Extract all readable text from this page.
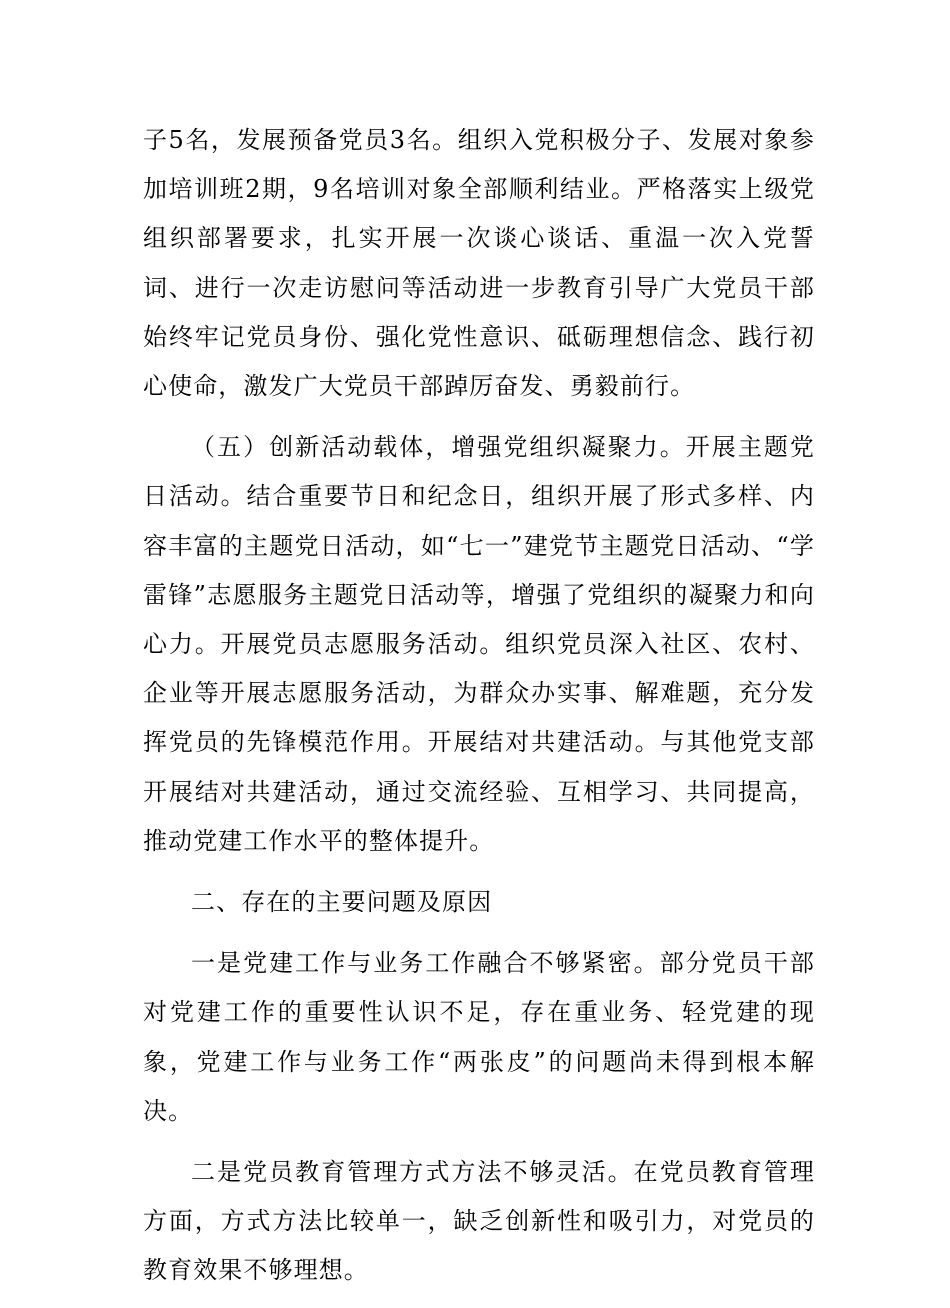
子5名，发展预备党员3名。组织入党积极分子、发展对象参加培训班2期，9名培训对象全部顺利结业。严格落实上级党组织部署要求，扎实开展一次谈心谈话、重温一次入党誓词、进行一次走访慰问等活动进一步教育引导广大党员干部始终牢记党员身份、强化党性意识、砥砺理想信念、践行初心使命，激发广大党员干部踔厉奋发、勇毅前行。

（五）创新活动载体，增强党组织凝聚力。开展主题党日活动。结合重要节日和纪念日，组织开展了形式多样、内容丰富的主题党日活动，如“七一”建党节主题党日活动、“学雷锋”志愿服务主题党日活动等，增强了党组织的凝聚力和向心力。开展党员志愿服务活动。组织党员深入社区、农村、企业等开展志愿服务活动，为群众办实事、解难题，充分发挥党员的先锋模范作用。开展结对共建活动。与其他党支部开展结对共建活动，通过交流经验、互相学习、共同提高，推动党建工作水平的整体提升。

二、存在的主要问题及原因

一是党建工作与业务工作融合不够紧密。部分党员干部对党建工作的重要性认识不足，存在重业务、轻党建的现象，党建工作与业务工作“两张皮”的问题尚未得到根本解决。

二是党员教育管理方式方法不够灵活。在党员教育管理方面，方式方法比较单一，缺乏创新性和吸引力，对党员的教育效果不够理想。
